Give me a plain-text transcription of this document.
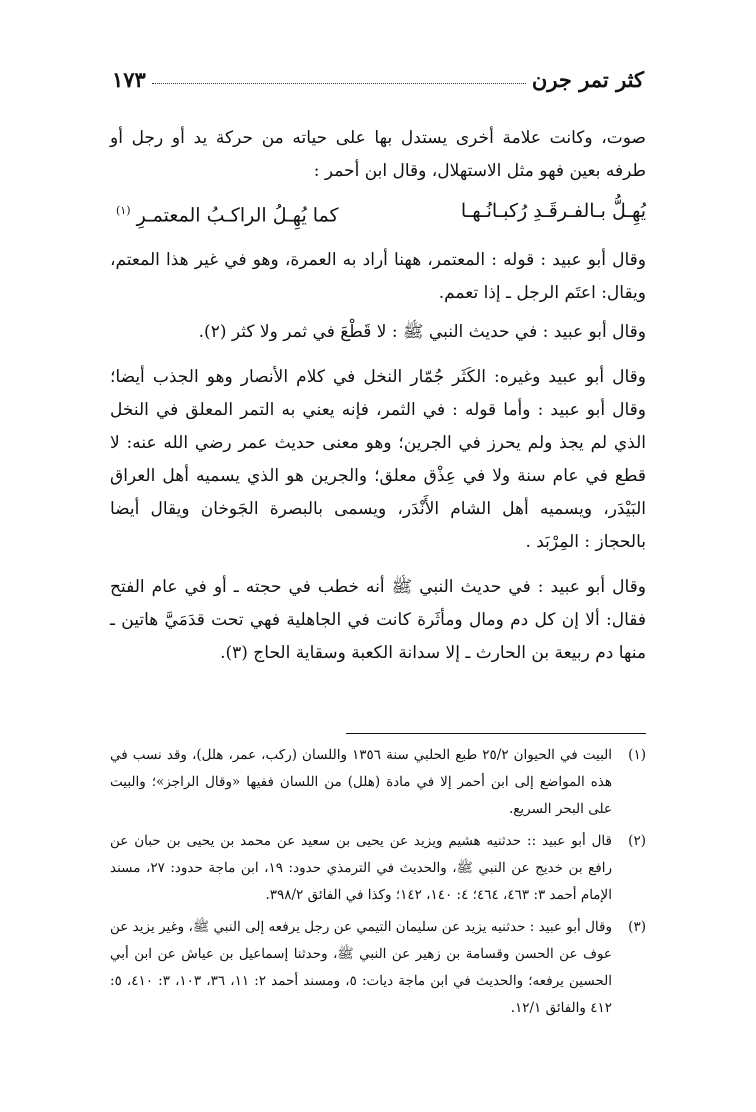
كثر تمر جرن
١٧٣

صوت، وكانت علامة أخرى يستدل بها على حياته من حركة يد أو رجل أو طرفه بعين فهو مثل الاستهلال، وقال ابن أحمر :

يُهِـلُّ بـالفـرقَـدِ رُكبـانُـهـا
كما يُهِـلُ الراكـبُ المعتمـرِ $^{(١)}$

وقال أبو عبيد : قوله : المعتمر، ههنا أراد به العمرة، وهو في غير هذا المعتم، ويقال: اعتَم الرجل ـ إذا تعمم.

وقال أبو عبيد : في حديث النبي ﷺ : لا قَطْعَ في ثمر ولا كثر (٢).

وقال أبو عبيد وغيره: الكَثَر جُمّار النخل في كلام الأنصار وهو الجذب أيضا؛ وقال أبو عبيد : وأما قوله : في الثمر، فإنه يعني به التمر المعلق في النخل الذي لم يجذ ولم يحرز في الجرين؛ وهو معنى حديث عمر رضي الله عنه: لا قطع في عام سنة ولا في عِذْق معلق؛ والجرين هو الذي يسميه أهل العراق البَيْدَر، ويسميه أهل الشام الأَنْدَر، ويسمى بالبصرة الجَوخان ويقال أيضا بالحجاز : المِرْبَد .

وقال أبو عبيد : في حديث النبي ﷺ أنه خطب في حجته ـ أو في عام الفتح فقال: ألا إن كل دم ومال ومأثَرة كانت في الجاهلية فهي تحت قدَمَيَّ هاتين ـ منها دم ربيعة بن الحارث ـ إلا سدانة الكعبة وسقاية الحاج (٣).

(١)
البيت في الحيوان ٢٥/٢ طبع الحلبي سنة ١٣٥٦ واللسان (ركب، عمر، هلل)، وقد نسب في هذه المواضع إلى ابن أحمر إلا في مادة (هلل) من اللسان ففيها «وقال الراجز»؛ والبيت على البحر السريع.
(٢)
قال أبو عبيد :: حدثنيه هشيم ويزيد عن يحيى بن سعيد عن محمد بن يحيى بن حبان عن رافع بن خديج عن النبي ﷺ، والحديث في الترمذي حدود: ١٩، ابن ماجة حدود: ٢٧، مسند الإمام أحمد ٣: ٤٦٣، ٤٦٤؛ ٤: ١٤٠، ١٤٢؛ وكذا في الفائق ٣٩٨/٢.
(٣)
وقال أبو عبيد : حدثنيه يزيد عن سليمان التيمي عن رجل يرفعه إلى النبي ﷺ، وغير يزيد عن عوف عن الحسن وقسامة بن زهير عن النبي ﷺ، وحدثنا إسماعيل بن عياش عن ابن أبي الحسين يرفعه؛ والحديث في ابن ماجة ديات: ٥، ومسند أحمد ٢: ١١، ٣٦، ١٠٣، ٣: ٤١٠، ٥: ٤١٢ والفائق ١٢/١.
